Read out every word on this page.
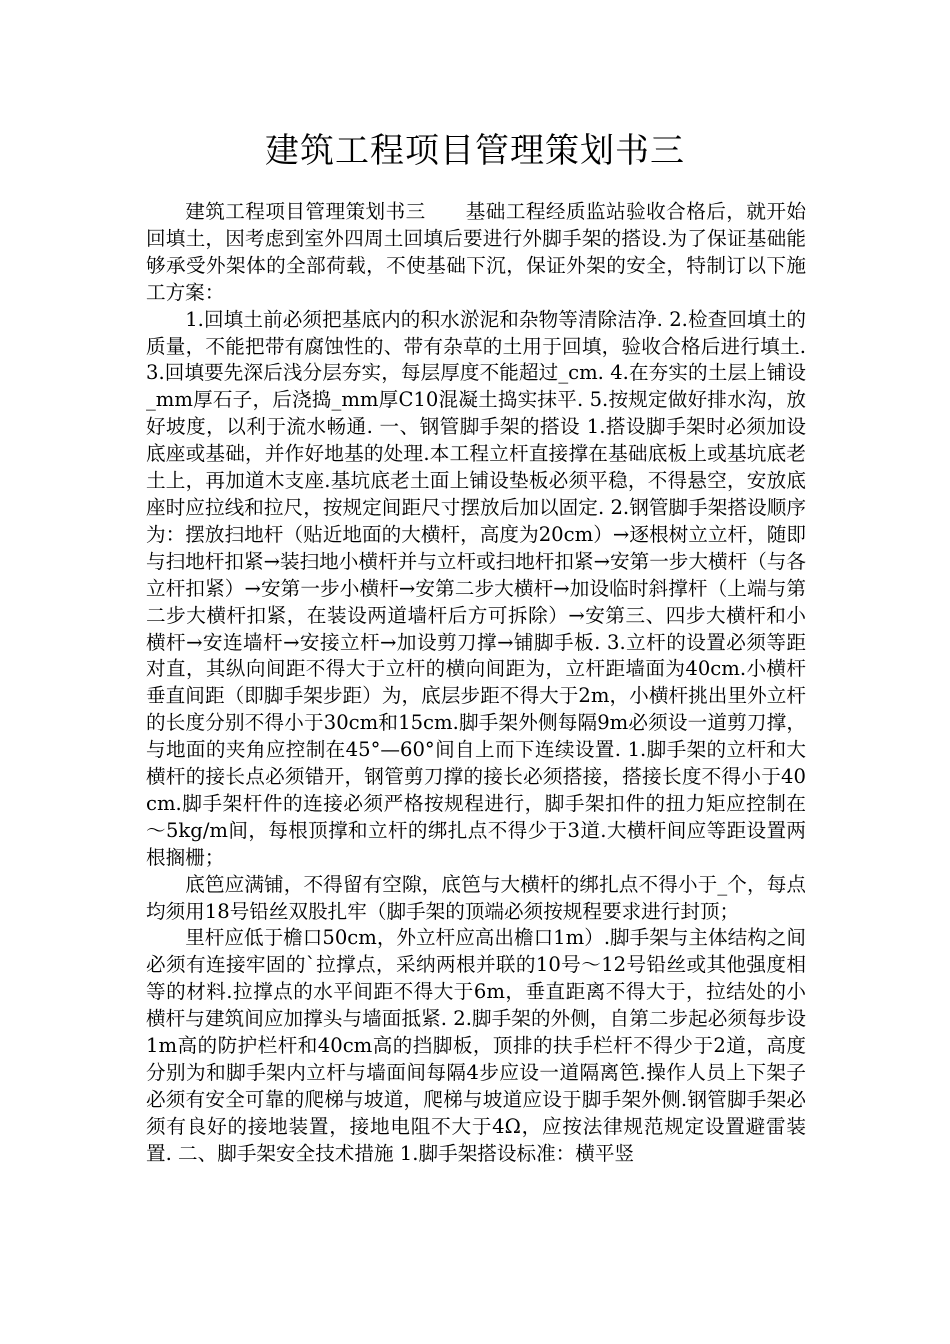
建筑工程项目管理策划书三

建筑工程项目管理策划书三　　基础工程经质监站验收合格后，就开始回填土，因考虑到室外四周土回填后要进行外脚手架的搭设.为了保证基础能够承受外架体的全部荷载，不使基础下沉，保证外架的安全，特制订以下施工方案：

1.回填土前必须把基底内的积水淤泥和杂物等清除洁净. 2.检查回填土的质量，不能把带有腐蚀性的、带有杂草的土用于回填，验收合格后进行填土. 3.回填要先深后浅分层夯实，每层厚度不能超过_cm. 4.在夯实的土层上铺设_mm厚石子，后浇捣_mm厚C10混凝土捣实抹平. 5.按规定做好排水沟，放好坡度，以利于流水畅通. 一、钢管脚手架的搭设 1.搭设脚手架时必须加设底座或基础，并作好地基的处理.本工程立杆直接撑在基础底板上或基坑底老土上，再加道木支座.基坑底老土面上铺设垫板必须平稳，不得悬空，安放底座时应拉线和拉尺，按规定间距尺寸摆放后加以固定. 2.钢管脚手架搭设顺序为：摆放扫地杆（贴近地面的大横杆，高度为20cm）→逐根树立立杆，随即与扫地杆扣紧→装扫地小横杆并与立杆或扫地杆扣紧→安第一步大横杆（与各立杆扣紧）→安第一步小横杆→安第二步大横杆→加设临时斜撑杆（上端与第二步大横杆扣紧，在装设两道墙杆后方可拆除）→安第三、四步大横杆和小横杆→安连墙杆→安接立杆→加设剪刀撑→铺脚手板. 3.立杆的设置必须等距对直，其纵向间距不得大于立杆的横向间距为，立杆距墙面为40cm.小横杆垂直间距（即脚手架步距）为，底层步距不得大于2m，小横杆挑出里外立杆的长度分别不得小于30cm和15cm.脚手架外侧每隔9m必须设一道剪刀撑，与地面的夹角应控制在45°—60°间自上而下连续设置. 1.脚手架的立杆和大横杆的接长点必须错开，钢管剪刀撑的接长必须搭接，搭接长度不得小于40cm.脚手架杆件的连接必须严格按规程进行，脚手架扣件的扭力矩应控制在～5kg/m间，每根顶撑和立杆的绑扎点不得少于3道.大横杆间应等距设置两根搁栅；

底笆应满铺，不得留有空隙，底笆与大横杆的绑扎点不得小于_个，每点均须用18号铅丝双股扎牢（脚手架的顶端必须按规程要求进行封顶；

里杆应低于檐口50cm，外立杆应高出檐口1m）.脚手架与主体结构之间必须有连接牢固的`拉撑点，采纳两根并联的10号～12号铅丝或其他强度相等的材料.拉撑点的水平间距不得大于6m，垂直距离不得大于，拉结处的小横杆与建筑间应加撑头与墙面抵紧. 2.脚手架的外侧，自第二步起必须每步设1m高的防护栏杆和40cm高的挡脚板，顶排的扶手栏杆不得少于2道，高度分别为和脚手架内立杆与墙面间每隔4步应设一道隔离笆.操作人员上下架子必须有安全可靠的爬梯与坡道，爬梯与坡道应设于脚手架外侧.钢管脚手架必须有良好的接地装置，接地电阻不大于4Ω，应按法律规范规定设置避雷装置. 二、脚手架安全技术措施 1.脚手架搭设标准：横平竖
